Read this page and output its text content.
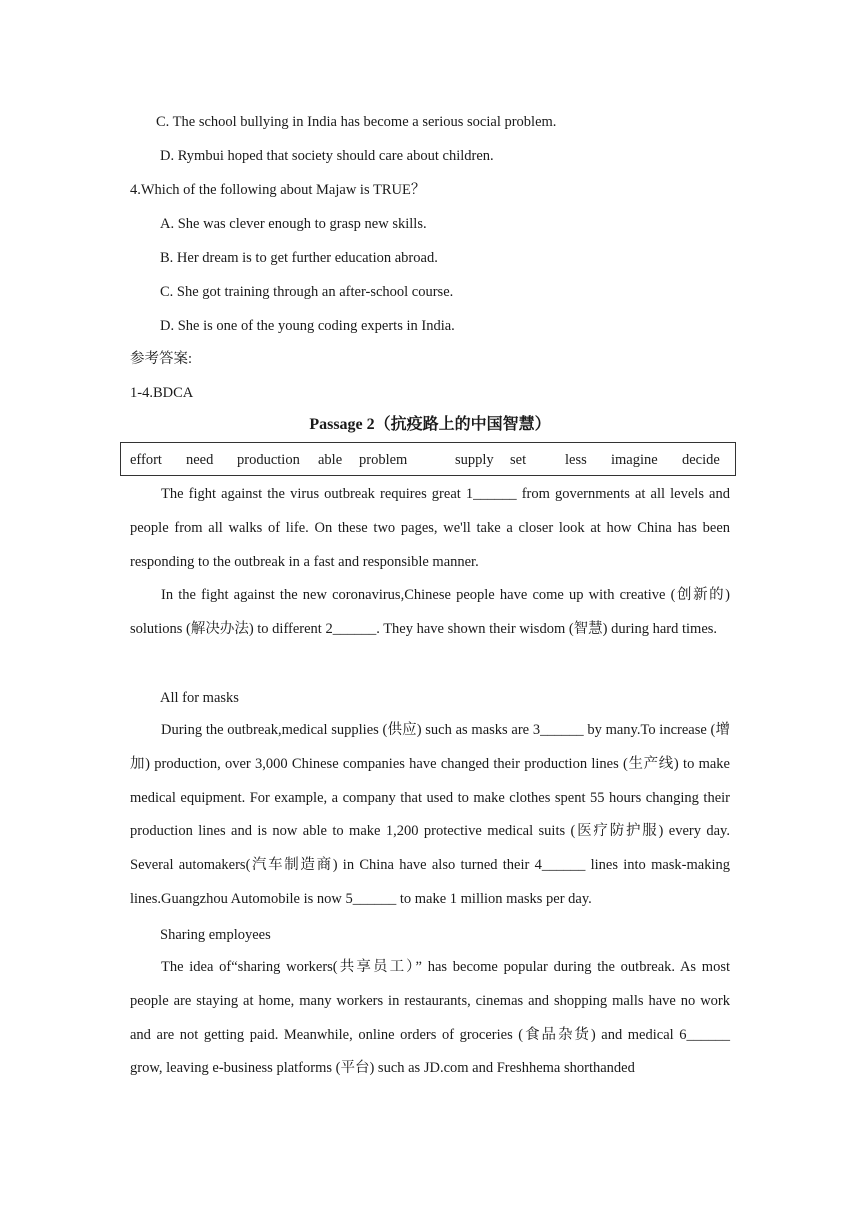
C. The school bullying in India has become a serious social problem.
D. Rymbui hoped that society should care about children.
4.Which of the following about Majaw is TRUE？
A. She was clever enough to grasp new skills.
B. Her dream is to get further education abroad.
C. She got training through an after-school course.
D. She is one of the young coding experts in India.
参考答案:
1-4.BDCA
Passage 2（抗疫路上的中国智慧）
effort need production able problem	supply set	less imagine decide

The fight against the virus outbreak requires great 1______ from governments at all levels and people from all walks of life. On these two pages, we'll take a closer look at how China has been responding to the outbreak in a fast and responsible manner.

In the fight against the new coronavirus,Chinese people have come up with creative (创新的) solutions (解决办法) to different 2______. They have shown their wisdom (智慧) during hard times.

All for masks

During the outbreak,medical supplies (供应) such as masks are 3______ by many.To increase (增加) production, over 3,000 Chinese companies have changed their production lines (生产线) to make medical equipment. For example, a company that used to make clothes spent 55 hours changing their production lines and is now able to make 1,200 protective medical suits (医疗防护服) every day. Several automakers(汽车制造商) in China have also turned their 4______ lines into mask-making lines.Guangzhou Automobile is now 5______ to make 1 million masks per day.

Sharing employees

The idea of“sharing workers(共享员工）” has become popular during the outbreak. As most people are staying at home, many workers in restaurants, cinemas and shopping malls have no work and are not getting paid. Meanwhile, online orders of groceries (食品杂货) and medical 6______ grow, leaving e-business platforms (平台) such as JD.com and Freshhema shorthanded
